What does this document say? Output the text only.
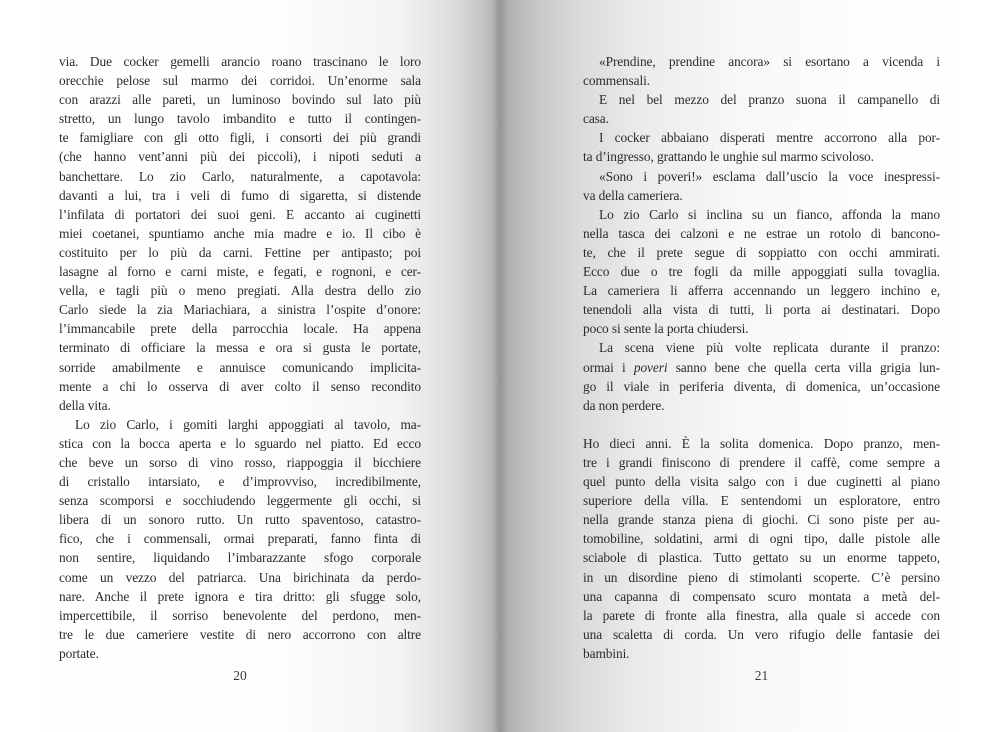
via. Due cocker gemelli arancio roano trascinano le loro
orecchie pelose sul marmo dei corridoi. Un’enorme sala
con arazzi alle pareti, un luminoso bovindo sul lato più
stretto, un lungo tavolo imbandito e tutto il contingen-
te famigliare con gli otto figli, i consorti dei più grandi
(che hanno vent’anni più dei piccoli), i nipoti seduti a
banchettare. Lo zio Carlo, naturalmente, a capotavola:
davanti a lui, tra i veli di fumo di sigaretta, si distende
l’infilata di portatori dei suoi geni. E accanto ai cuginetti
miei coetanei, spuntiamo anche mia madre e io. Il cibo è
costituito per lo più da carni. Fettine per antipasto; poi
lasagne al forno e carni miste, e fegati, e rognoni, e cer-
vella, e tagli più o meno pregiati. Alla destra dello zio
Carlo siede la zia Mariachiara, a sinistra l’ospite d’onore:
l’immancabile prete della parrocchia locale. Ha appena
terminato di officiare la messa e ora si gusta le portate,
sorride amabilmente e annuisce comunicando implicita-
mente a chi lo osserva di aver colto il senso recondito
della vita.
Lo zio Carlo, i gomiti larghi appoggiati al tavolo, ma-
stica con la bocca aperta e lo sguardo nel piatto. Ed ecco
che beve un sorso di vino rosso, riappoggia il bicchiere
di cristallo intarsiato, e d’improvviso, incredibilmente,
senza scomporsi e socchiudendo leggermente gli occhi, si
libera di un sonoro rutto. Un rutto spaventoso, catastro-
fico, che i commensali, ormai preparati, fanno finta di
non sentire, liquidando l’imbarazzante sfogo corporale
come un vezzo del patriarca. Una birichinata da perdo-
nare. Anche il prete ignora e tira dritto: gli sfugge solo,
impercettibile, il sorriso benevolente del perdono, men-
tre le due cameriere vestite di nero accorrono con altre
portate.
20
«Prendine, prendine ancora» si esortano a vicenda i
commensali.
E nel bel mezzo del pranzo suona il campanello di
casa.
I cocker abbaiano disperati mentre accorrono alla por-
ta d’ingresso, grattando le unghie sul marmo scivoloso.
«Sono i poveri!» esclama dall’uscio la voce inespressi-
va della cameriera.
Lo zio Carlo si inclina su un fianco, affonda la mano
nella tasca dei calzoni e ne estrae un rotolo di bancono-
te, che il prete segue di soppiatto con occhi ammirati.
Ecco due o tre fogli da mille appoggiati sulla tovaglia.
La cameriera li afferra accennando un leggero inchino e,
tenendoli alla vista di tutti, li porta ai destinatari. Dopo
poco si sente la porta chiudersi.
La scena viene più volte replicata durante il pranzo:
ormai i poveri sanno bene che quella certa villa grigia lun-
go il viale in periferia diventa, di domenica, un’occasione
da non perdere.
Ho dieci anni. È la solita domenica. Dopo pranzo, men-
tre i grandi finiscono di prendere il caffè, come sempre a
quel punto della visita salgo con i due cuginetti al piano
superiore della villa. E sentendomi un esploratore, entro
nella grande stanza piena di giochi. Ci sono piste per au-
tomobiline, soldatini, armi di ogni tipo, dalle pistole alle
sciabole di plastica. Tutto gettato su un enorme tappeto,
in un disordine pieno di stimolanti scoperte. C’è persino
una capanna di compensato scuro montata a metà del-
la parete di fronte alla finestra, alla quale si accede con
una scaletta di corda. Un vero rifugio delle fantasie dei
bambini.
21
